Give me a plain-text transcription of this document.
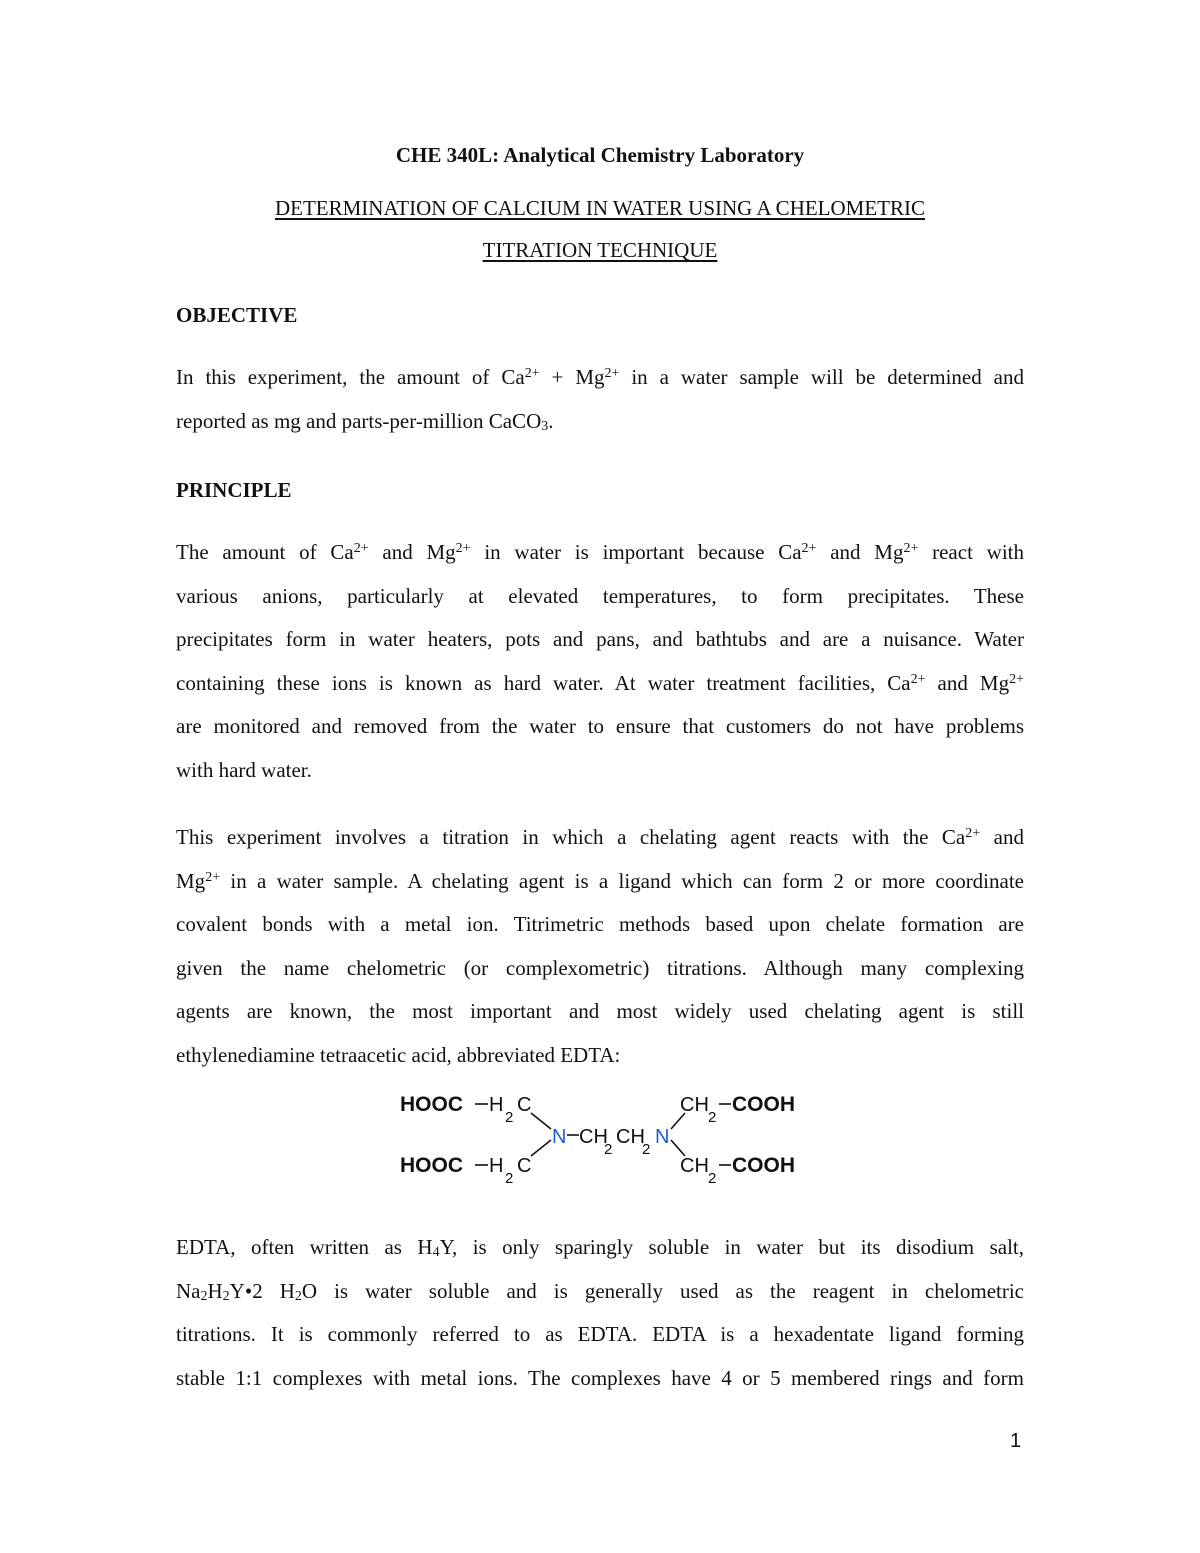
CHE 340L: Analytical Chemistry Laboratory
DETERMINATION OF CALCIUM IN WATER USING A CHELOMETRIC
TITRATION TECHNIQUE
OBJECTIVE
In this experiment, the amount of $Ca^{2+} + Mg^{2+}$ in a water sample will be determined and
reported as mg and parts-per-million CaCO$_3$.
PRINCIPLE
The amount of $Ca^{2+}$ and $Mg^{2+}$ in water is important because $Ca^{2+}$ and $Mg^{2+}$ react with
various anions, particularly at elevated temperatures, to form precipitates. These
precipitates form in water heaters, pots and pans, and bathtubs and are a nuisance. Water
containing these ions is known as hard water. At water treatment facilities, $Ca^{2+}$ and $Mg^{2+}$
are monitored and removed from the water to ensure that customers do not have problems
with hard water.
This experiment involves a titration in which a chelating agent reacts with the $Ca^{2+}$ and
$Mg^{2+}$ in a water sample. A chelating agent is a ligand which can form 2 or more coordinate
covalent bonds with a metal ion. Titrimetric methods based upon chelate formation are
given the name chelometric (or complexometric) titrations. Although many complexing
agents are known, the most important and most widely used chelating agent is still
ethylenediamine tetraacetic acid, abbreviated EDTA:
HOOC
HOOC
COOH
COOH
H
2
C
H
2
C
CH
2
CH
2
CH
2
CH
2
N	N
EDTA, often written as $H_4Y$, is only sparingly soluble in water but its disodium salt,
$Na_2H_2Y•2$ $H_2O$ is water soluble and is generally used as the reagent in chelometric
titrations. It is commonly referred to as EDTA. EDTA is a hexadentate ligand forming
stable 1:1 complexes with metal ions. The complexes have 4 or 5 membered rings and form
1
